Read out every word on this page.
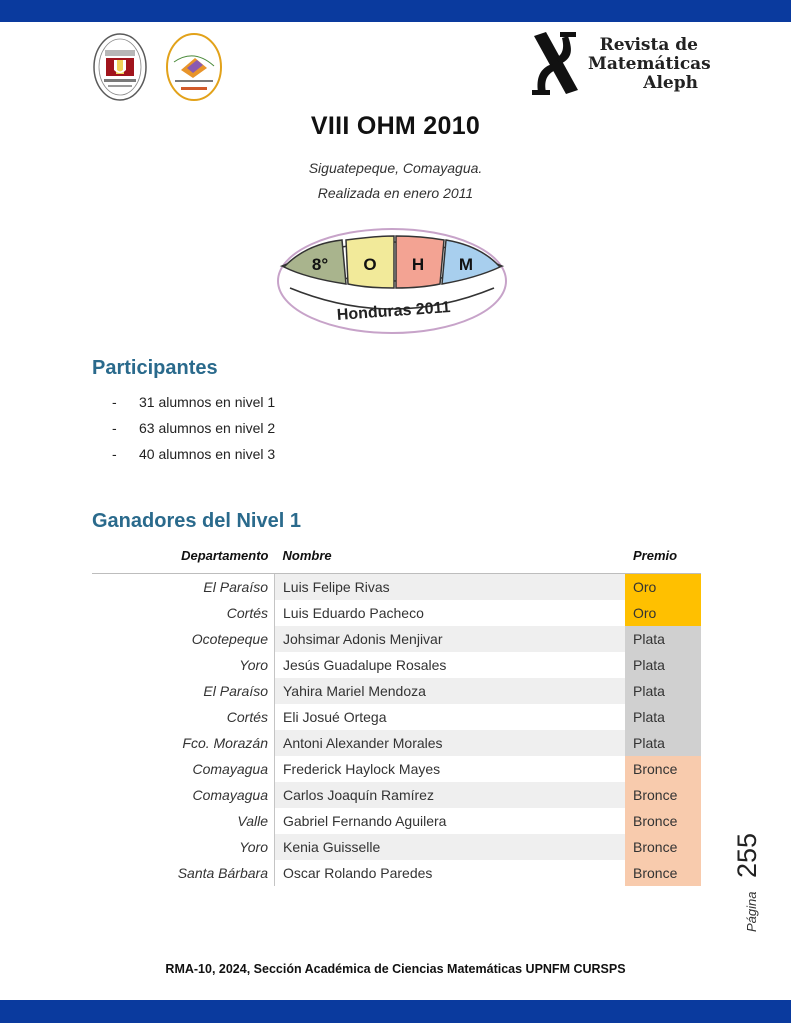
Revista de
Matemáticas
Aleph
VIII OHM 2010
Siguatepeque, Comayagua.
Realizada en enero 2011
8° O H M
Honduras 2011
Participantes
-	31 alumnos en nivel 1
-	63 alumnos en nivel 2
-	40 alumnos en nivel 3
Ganadores del Nivel 1
Departamento	Nombre	Premio

El Paraíso	Luis Felipe Rivas	Oro
Cortés	Luis Eduardo Pacheco	Oro
Ocotepeque	Johsimar Adonis Menjivar	Plata
Yoro	Jesús Guadalupe Rosales	Plata
El Paraíso	Yahira Mariel Mendoza	Plata
Cortés	Eli Josué Ortega	Plata
Fco. Morazán	Antoni Alexander Morales	Plata
Comayagua	Frederick Haylock Mayes	Bronce
Comayagua	Carlos Joaquín Ramírez	Bronce
Valle	Gabriel Fernando Aguilera	Bronce
Yoro	Kenia Guisselle	Bronce
Santa Bárbara	Oscar Rolando Paredes	Bronce
Página
255
RMA-10, 2024, Sección Académica de Ciencias Matemáticas UPNFM CURSPS
